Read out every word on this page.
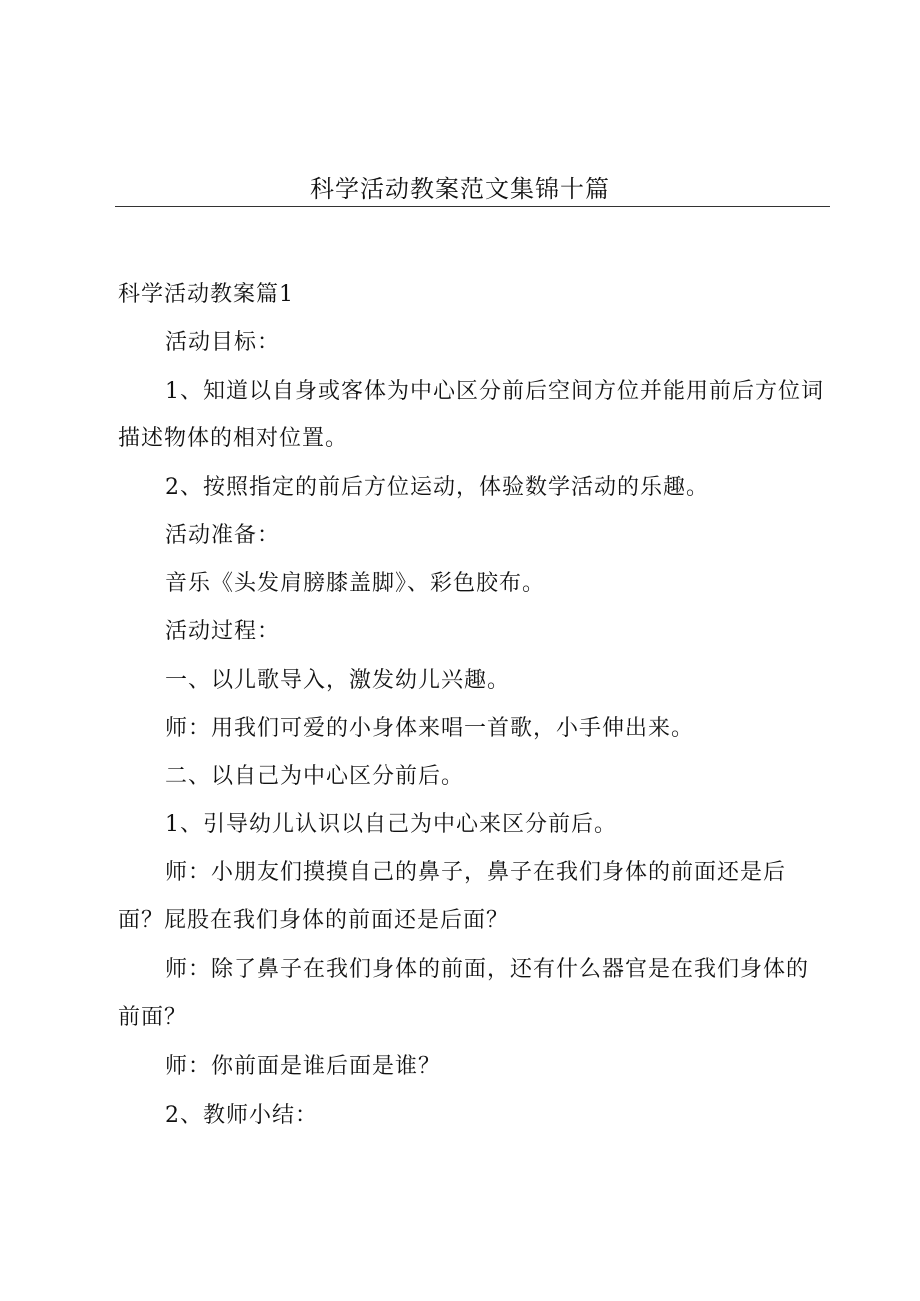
科学活动教案范文集锦十篇
科学活动教案篇1
活动目标：
1、知道以自身或客体为中心区分前后空间方位并能用前后方位词
描述物体的相对位置。
2、按照指定的前后方位运动，体验数学活动的乐趣。
活动准备：
音乐《头发肩膀膝盖脚》、彩色胶布。
活动过程：
一、以儿歌导入，激发幼儿兴趣。
师：用我们可爱的小身体来唱一首歌，小手伸出来。
二、以自己为中心区分前后。
1、引导幼儿认识以自己为中心来区分前后。
师：小朋友们摸摸自己的鼻子，鼻子在我们身体的前面还是后
面？屁股在我们身体的前面还是后面？
师：除了鼻子在我们身体的前面，还有什么器官是在我们身体的
前面？
师：你前面是谁后面是谁？
2、教师小结：
